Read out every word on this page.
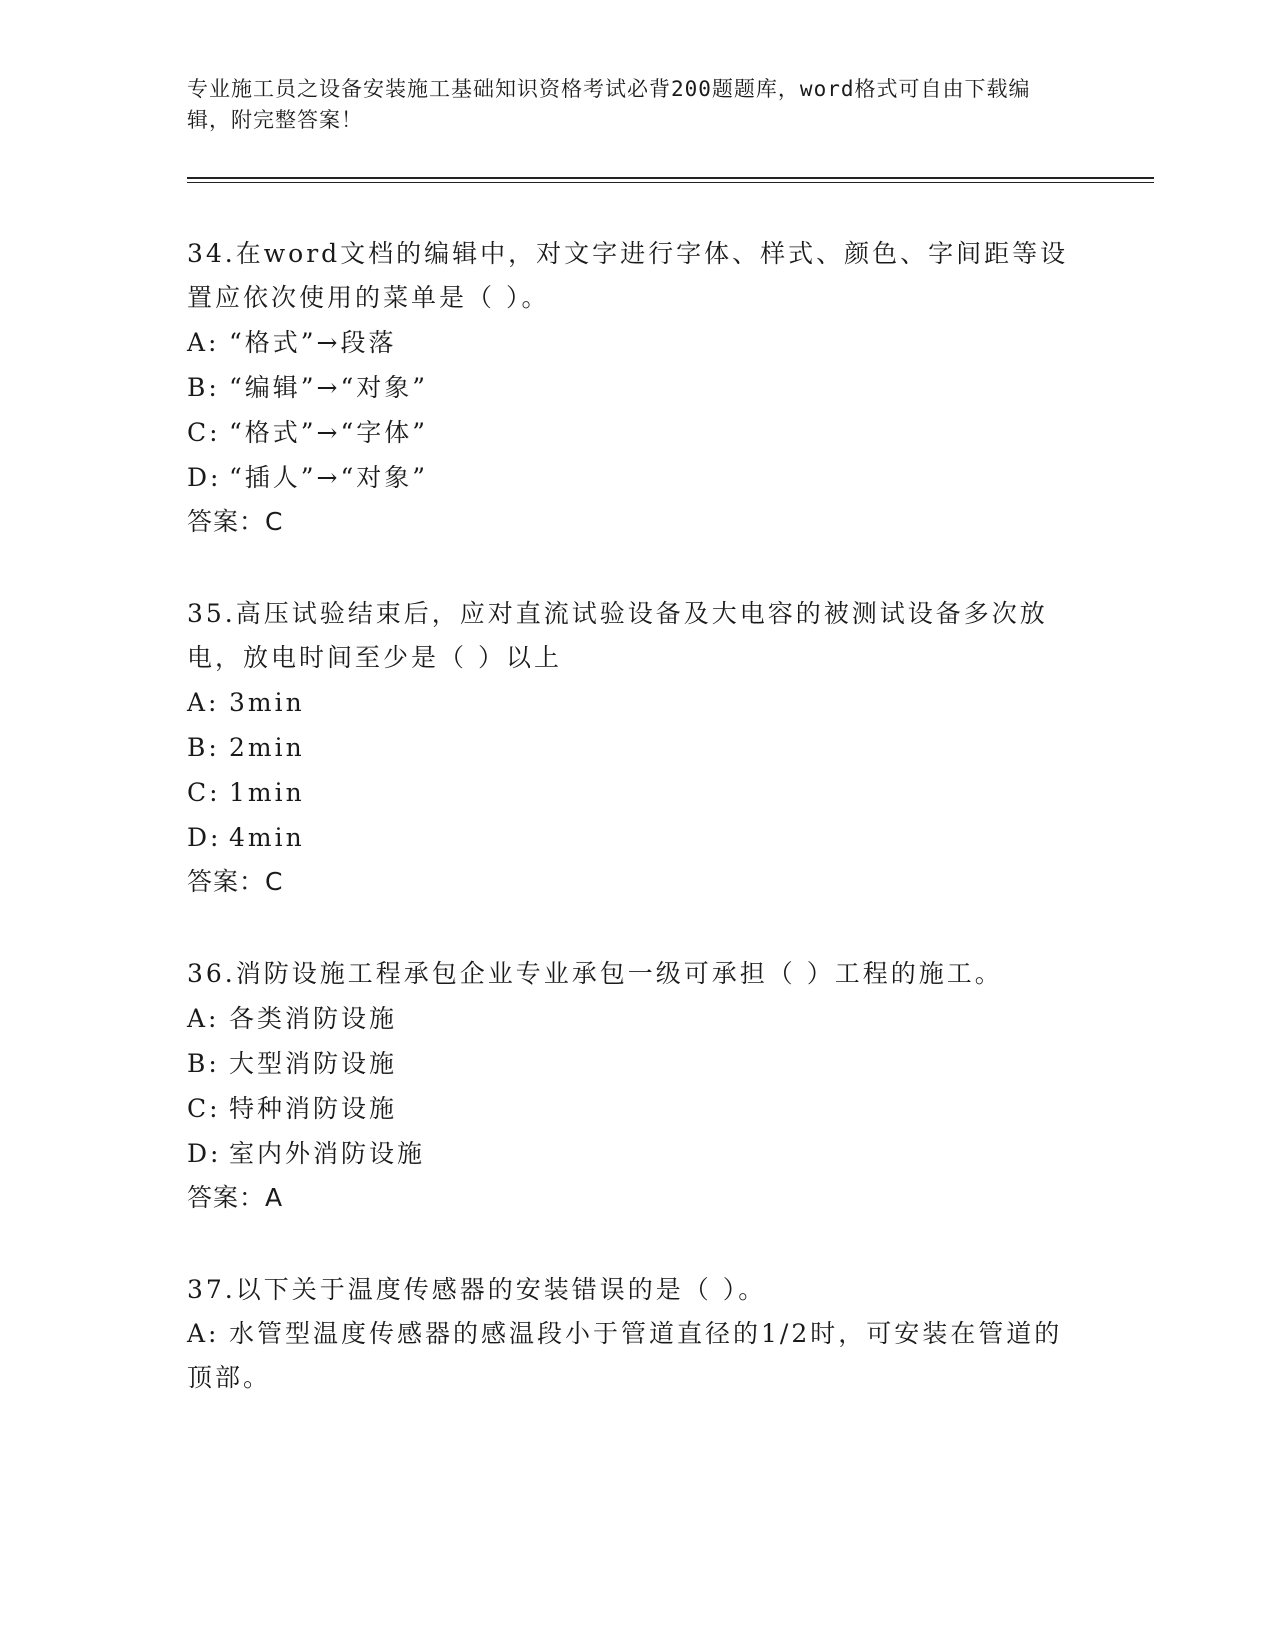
专业施工员之设备安装施工基础知识资格考试必背200题题库，word格式可自由下载编辑，附完整答案！

34.在word文档的编辑中，对文字进行字体、样式、颜色、字间距等设置应依次使用的菜单是（ ）。

A: “格式”→段落

B: “编辑”→“对象”

C: “格式”→“字体”

D: “插人”→“对象”

答案：C

35.高压试验结束后，应对直流试验设备及大电容的被测试设备多次放电，放电时间至少是（ ）以上

A: 3min

B: 2min

C: 1min

D: 4min

答案：C

36.消防设施工程承包企业专业承包一级可承担（ ）工程的施工。

A: 各类消防设施

B: 大型消防设施

C: 特种消防设施

D: 室内外消防设施

答案：A

37.以下关于温度传感器的安装错误的是（ ）。

A: 水管型温度传感器的感温段小于管道直径的1/2时，可安装在管道的顶部。
